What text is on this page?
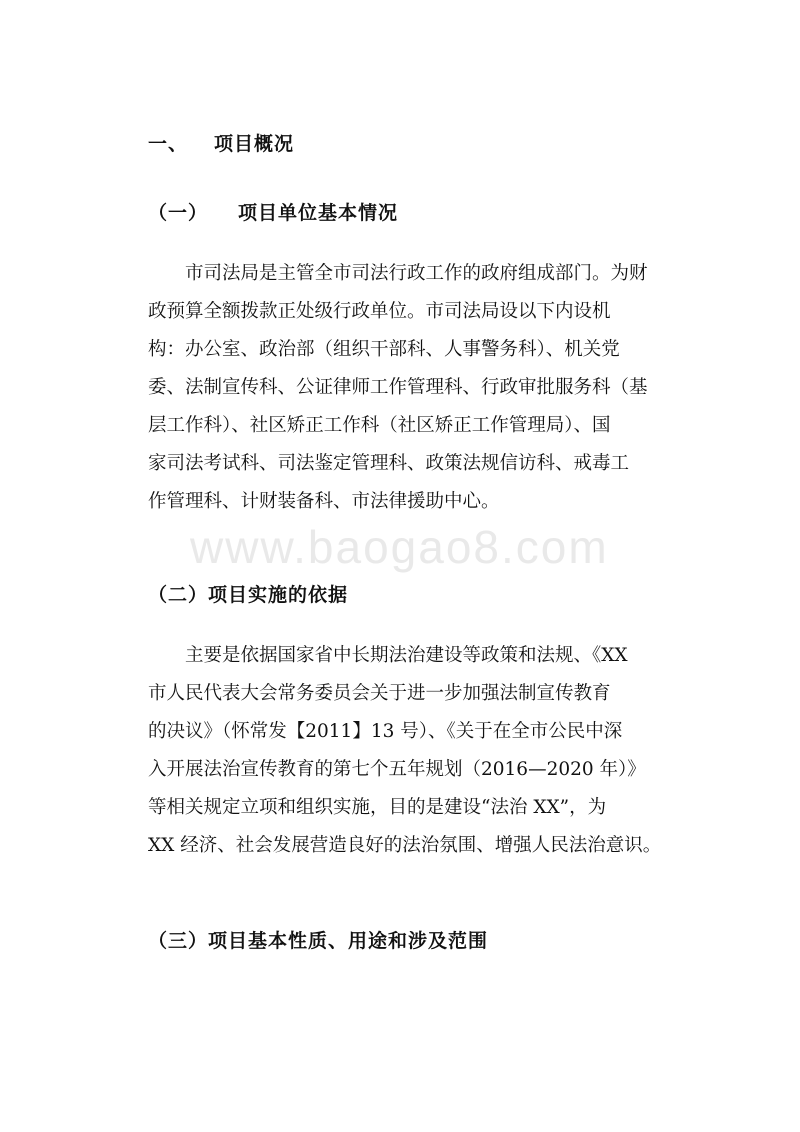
www.baogao8.com
一、 项目概况
（一） 项目单位基本情况

　　市司法局是主管全市司法行政工作的政府组成部门。为财
政预算全额拨款正处级行政单位。市司法局设以下内设机
构：办公室、政治部（组织干部科、人事警务科）、机关党
委、法制宣传科、公证律师工作管理科、行政审批服务科（基
层工作科）、社区矫正工作科（社区矫正工作管理局）、国
家司法考试科、司法鉴定管理科、政策法规信访科、戒毒工
作管理科、计财装备科、市法律援助中心。

（二）项目实施的依据

　　主要是依据国家省中长期法治建设等政策和法规、《XX
市人民代表大会常务委员会关于进一步加强法制宣传教育
的决议》（怀常发【2011】13 号）、《关于在全市公民中深
入开展法治宣传教育的第七个五年规划（2016—2020 年）》
等相关规定立项和组织实施，目的是建设“法治 XX”，为
XX 经济、社会发展营造良好的法治氛围、增强人民法治意识。

（三）项目基本性质、用途和涉及范围
